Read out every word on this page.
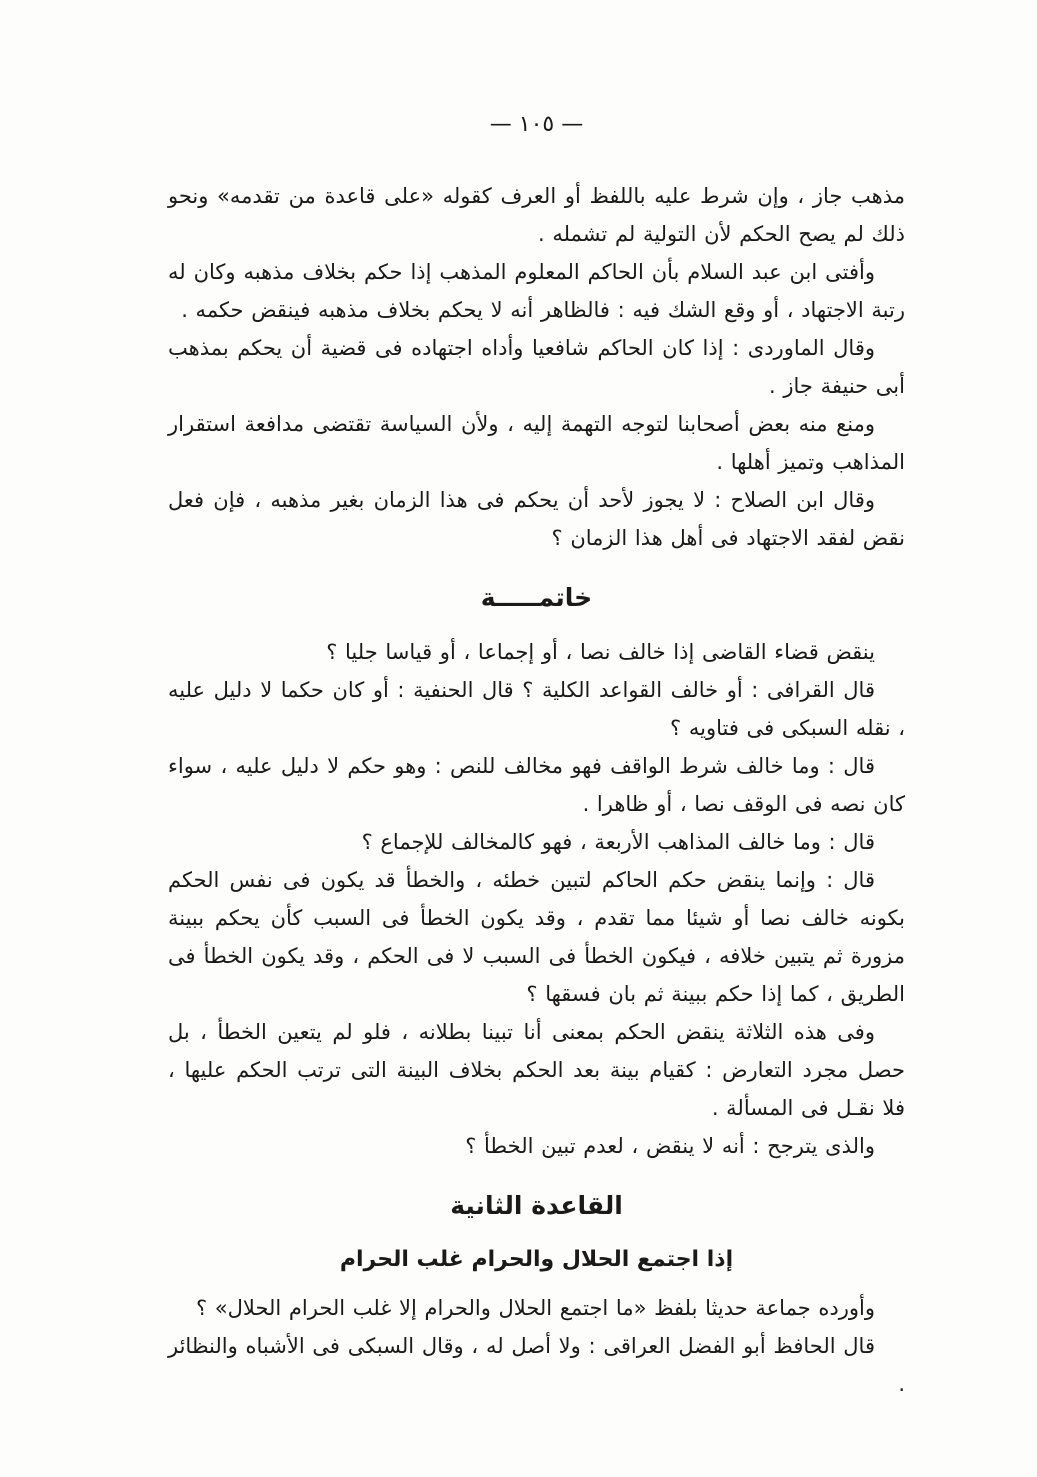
— ١٠٥ —

مذهب جاز ، وإن شرط عليه باللفظ أو العرف كقوله «على قاعدة من تقدمه» ونحو ذلك لم يصح الحكم لأن التولية لم تشمله .

وأفتى ابن عبد السلام بأن الحاكم المعلوم المذهب إذا حكم بخلاف مذهبه وكان له رتبة الاجتهاد ، أو وقع الشك فيه : فالظاهر أنه لا يحكم بخلاف مذهبه فينقض حكمه .

وقال الماوردى : إذا كان الحاكم شافعيا وأداه اجتهاده فى قضية أن يحكم بمذهب أبى حنيفة جاز .

ومنع منه بعض أصحابنا لتوجه التهمة إليه ، ولأن السياسة تقتضى مدافعة استقرار المذاهب وتميز أهلها .

وقال ابن الصلاح : لا يجوز لأحد أن يحكم فى هذا الزمان بغير مذهبه ، فإن فعل نقض لفقد الاجتهاد فى أهل هذا الزمان ؟

خاتمـــــة

ينقض قضاء القاضى إذا خالف نصا ، أو إجماعا ، أو قياسا جليا ؟

قال القرافى : أو خالف القواعد الكلية ؟ قال الحنفية : أو كان حكما لا دليل عليه ، نقله السبكى فى فتاويه ؟

قال : وما خالف شرط الواقف فهو مخالف للنص : وهو حكم لا دليل عليه ، سواء كان نصه فى الوقف نصا ، أو ظاهرا .

قال : وما خالف المذاهب الأربعة ، فهو كالمخالف للإجماع ؟

قال : وإنما ينقض حكم الحاكم لتبين خطئه ، والخطأ قد يكون فى نفس الحكم بكونه خالف نصا أو شيئا مما تقدم ، وقد يكون الخطأ فى السبب كأن يحكم ببينة مزورة ثم يتبين خلافه ، فيكون الخطأ فى السبب لا فى الحكم ، وقد يكون الخطأ فى الطريق ، كما إذا حكم ببينة ثم بان فسقها ؟

وفى هذه الثلاثة ينقض الحكم بمعنى أنا تبينا بطلانه ، فلو لم يتعين الخطأ ، بل حصل مجرد التعارض : كقيام بينة بعد الحكم بخلاف البينة التى ترتب الحكم عليها ، فلا نقـل فى المسألة .

والذى يترجح : أنه لا ينقض ، لعدم تبين الخطأ ؟

القاعدة الثانية
إذا اجتمع الحلال والحرام غلب الحرام

وأورده جماعة حديثا بلفظ «ما اجتمع الحلال والحرام إلا غلب الحرام الحلال» ؟

قال الحافظ أبو الفضل العراقى : ولا أصل له ، وقال السبكى فى الأشباه والنظائر .
